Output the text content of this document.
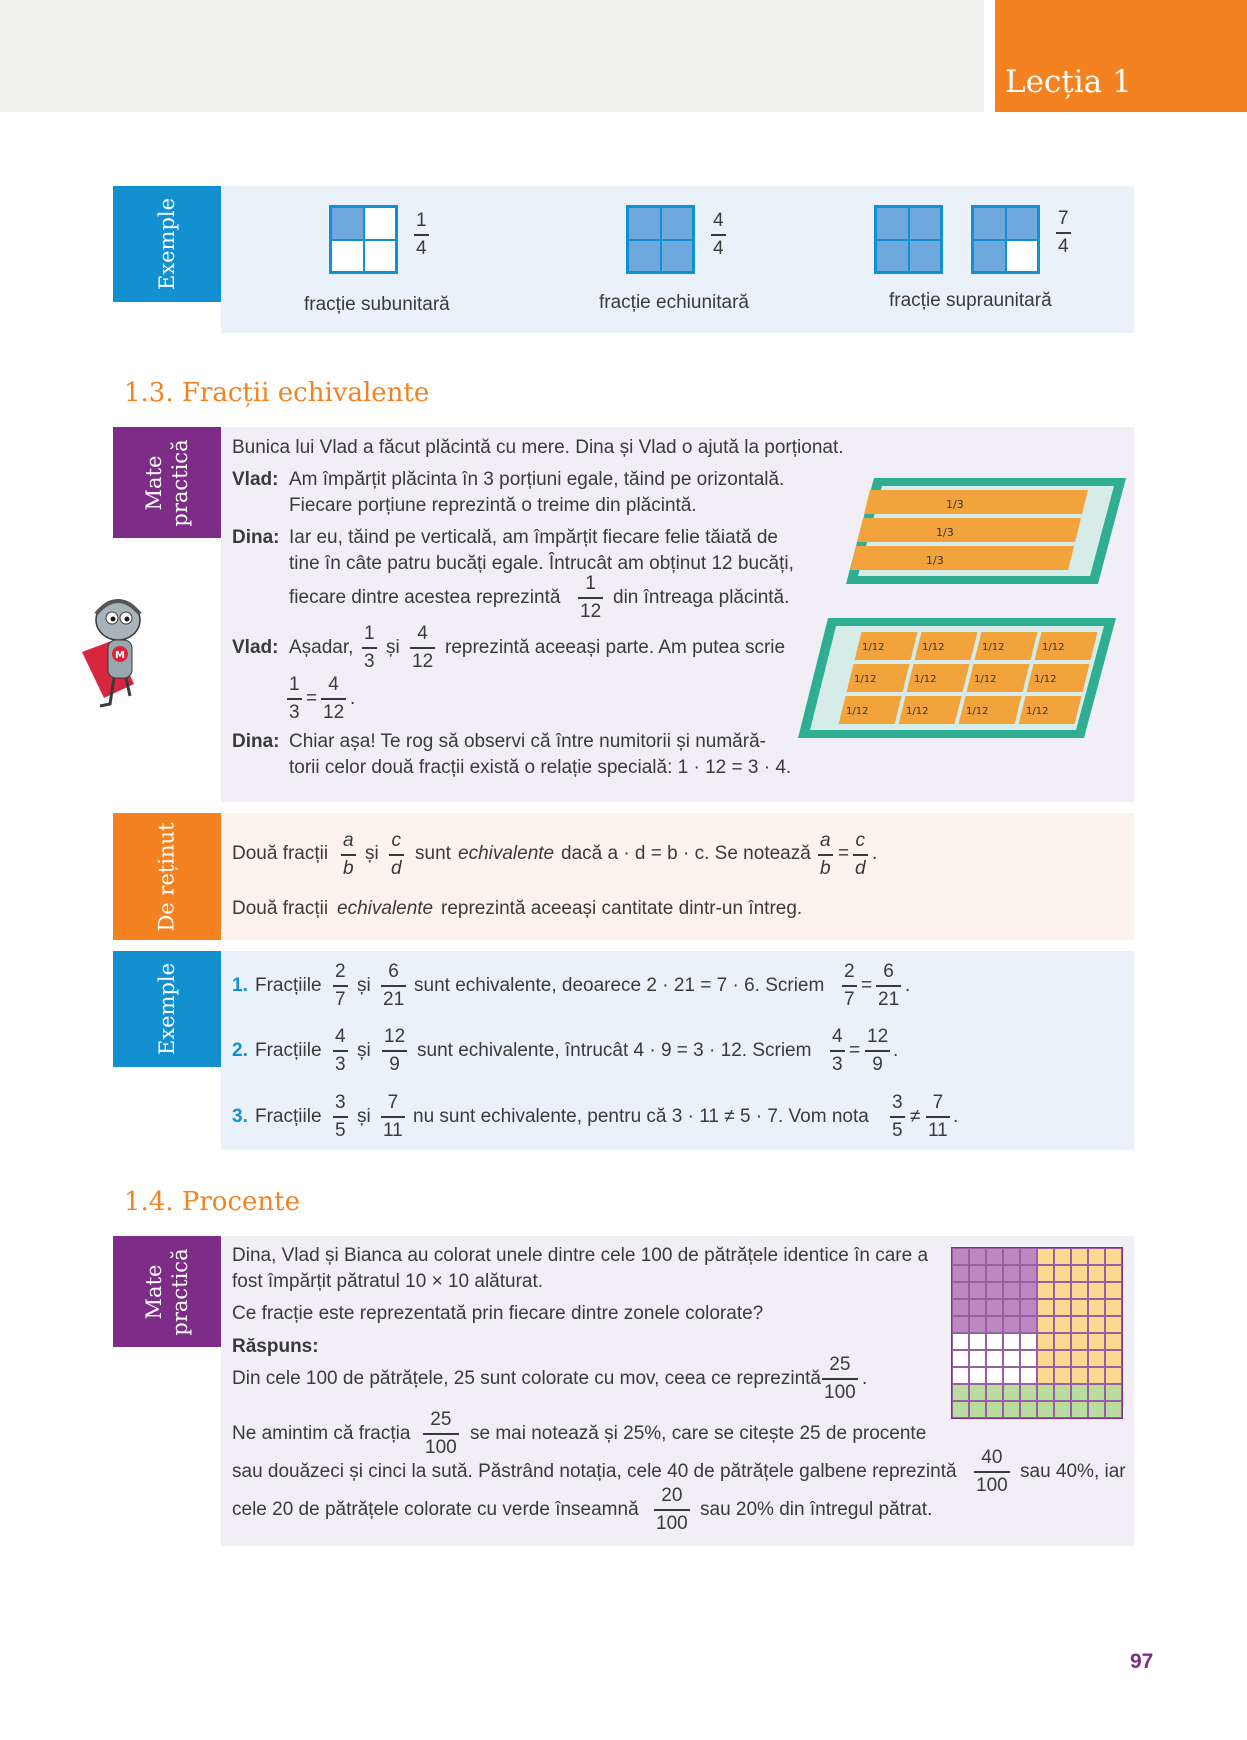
Lecția 1
Exemple	1
4
fracție subunitară
4
4
fracție echiunitară
7
4
fracție supraunitară
1.3. Fracții echivalente
Mate practică
M
Bunica lui Vlad a făcut plăcintă cu mere. Dina și Vlad o ajută la porționat.
Vlad: Am împărțit plăcinta în 3 porțiuni egale, tăind pe orizontală.
Fiecare porțiune reprezintă o treime din plăcintă.
Dina: Iar eu, tăind pe verticală, am împărțit fiecare felie tăiată de
tine în câte patru bucăți egale. Întrucât am obținut 12 bucăți,
fiecare dintre acestea reprezintă
1
12
din întreaga plăcintă.
Vlad: Așadar,
1
3
și
4
12
reprezintă aceeași parte. Am putea scrie
1
3
=
4
12
.
Dina: Chiar așa! Te rog să observi că între numitorii și numără-
torii celor două fracții există o relație specială: 1 · 12 = 3 · 4.
1/3
1/3
1/3
1/12	1/12	1/12	1/12
1/12	1/12	1/12	1/12
1/12	1/12	1/12	1/12
De reținut	Două fracții
a
b
și
c
d
sunt echivalente dacă a · d = b · c. Se notează
a
b
=
c
d
.
Două fracții echivalente reprezintă aceeași cantitate dintr-un întreg.
Exemple	1. Fracțiile
2
7
și
6
21
sunt echivalente, deoarece 2 · 21 = 7 · 6. Scriem
2
7
=
6
21
.
2. Fracțiile
4
3
și
12
9
sunt echivalente, întrucât 4 · 9 = 3 · 12. Scriem
4
3
=
12
9
.
3. Fracțiile
3
5
și
7
11
nu sunt echivalente, pentru că 3 · 11 ≠ 5 · 7. Vom nota
3
5
≠
7
11
.
1.4. Procente
Mate practică Dina, Vlad și Bianca au colorat unele dintre cele 100 de pătrățele identice în care a
fost împărțit pătratul 10 × 10 alăturat.
Ce fracție este reprezentată prin fiecare dintre zonele colorate?
Răspuns:
Din cele 100 de pătrățele, 25 sunt colorate cu mov, ceea ce reprezintă
25
100
.
Ne amintim că fracția
25
100
se mai notează și 25%, care se citește 25 de procente
sau douăzeci și cinci la sută. Păstrând notația, cele 40 de pătrățele galbene reprezintă
40
100
sau 40%, iar
cele 20 de pătrățele colorate cu verde înseamnă
20
100
sau 20% din întregul pătrat.
97
